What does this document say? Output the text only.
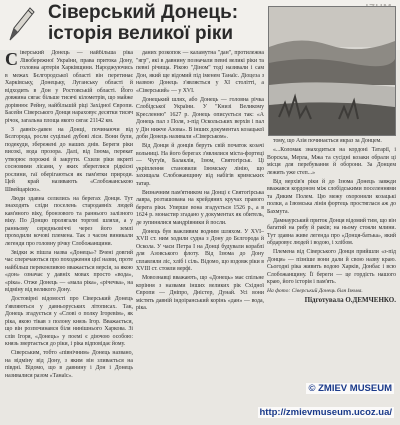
Сіверський Донець:
історія великої ріки

Сіверський Донець — найбільша ріка Лівобережної України, права притока Дону, головна артерія Харківщини. Народжуючись в межах Бєлгородської області він перетинає Харківську, Донецьку, Луганську області й відходить в Дон у Ростовській області. Його довжина сягає більше тисячі кілометрів, що майже дорівнює Рейну, найбільшій ріці Західної Європи. Басейн Сіверського Донця нараховує десятки тисяч річок, загальна площа якого сягає 21142 км.

З давніх-давен на Донці, починаючи від Бєлгорода, росли суцільні дубові ліси. Вони були, подекуди, збережені до наших днів. Береги ріки високі, вода прозора. Далі, від Ізюма, перекат утворює порожні й закрути. Схили ріки вкриті сосновими лісами, у яких збереглися рідкісні рослини, гаї оберігаються як пам'ятки природи. Цей край називають «Слобожанською Швейцарією».

Люди здавна селились на берегах Донця. Тут знаходять сліди поселень стародавніх людей кам'яного віку, бронзового та раннього залізного віку. По Донцю пролягали торгові шляхи, а у ранньому середньовіччі через його землі проходили кочові племена. Так з часом виникали легенди про головну річку Слобожанщини.

Звідки ж пішла назва «Донець»? Вчені довгий час сперечаються про походження цієї назви, проте найбільш переконливою вважається версія, за якою «дон» означає у давніх мовах просто «вода», «ріка». Отже Донець — «мала ріка», «річечка», на відміну від великого Дону.

Достовірні відомості про Сіверський Донець з'являються у давньоруських літописах. Так, Донець згадується у «Слові о полку Ігоревім», як ріка, якою тікав з полону князь Ігор. Вважається, що він розпочинався біля нинішнього Харкова. Зі слів Ігоря, «Донець» у поемі є діючою особою: князь звертається до ріки, і ріка відповідає йому.

Сіверським, тобто «північним» Донець названо, на відміну від Дону, з яким він зливається на півдні. Відомо, що в давнину і Дон і Донець називалися разом «Танаїс».

даних розкопок — каламутна "дан", протилежна "ягр", які в давнину позначали певні великі ріки та певні річища. Рікою "Діном" тоді називали і сам Дон, який ще відомий під іменем Танаїс. Діоцеза з назвою Донець з'являється у XI столітті, а «Сіверський» — у XVI.

Донецький шлях, або Донець — головна річка Слобідської України. У "Книзі Великому Кресленню" 1627 р. Донець описується так: «А Донець пал з Поля, з-під Оскольських верхів і пал у Дін нижче Азова». В інших документах козацької доби Донець називали «Сіверськом».

Від Донця й донців беруть свій початок козачі вольниці. На його берегах з'являлися міста-фортеці — Чугуїв, Балаклія, Ізюм, Святогірськ. Ці укріплення становили Ізюмську лінію, що захищала Слобожанщину від набігів кримських татар.

Визначним пам'ятником на Донці є Святогірська лавра, розташована на крейдяних кручах правого берега ріки. Уперше вона згадується 1526 р., а в 1624 р. монастир згадано у документах як обитель, де зупинялися мандрівники й посли.

Донець був важливим водним шляхом. У XVI–XVII ст. ним ходили судна з Дону до Бєлгорода й Оскола. У часи Петра І на Донці будували кораблі для Азовського флоту. Від Ізюма до Дону сплавляли ліс, хліб і сіль. Відомо, що вздовж ріки в XVIII ст. стояли верфі.

Мовознавці вважають, що «Донець» має спільне коріння з назвами інших великих рік Східної Європи — Дніпро, Дністер, Дунай. Усі вони містять давній індоіранський корінь «дан» — вода, ріка.

тому, що Азія починається якраз за Донцем.

«...Коломак знаходиться на кордоні Татарії, і Ворскла, Мерла, Мжа та сусідні козаки обрали ці місця для перебування й оборони. За Донцем лежить уже степ...»

Від верхів'я ріки й до Ізюма Донець завжди вважався кордоном між слобідськими поселеннями та Диким Полем. Цю межу охороняли козацькі полки, а Ізюмська лінія фортець простяглася аж до Бахмута.

Дамнаурський приток Донця відомий тим, що він багатий на рибу й раків; на ньому стояли млини. Тут здавна живе легенда про «Донця-батька», який обдаровує людей і водою, і хлібом.

Племена від Сіверського Донця прийшли «з-під Донця» — пізніше вони дали й свою назву краю. Сьогодні ріка живить водою Харків, Донбас і всю Слобожанщину. Її береги — це гордість нашого краю, його історія і пам'ять.

На фото: Сіверський Донець біля Ізюма.

Підготувала О.ДЕМЧЕНКО.

© ZMIEV MUSEUM
http://zmievmuseum.ucoz.ua/
